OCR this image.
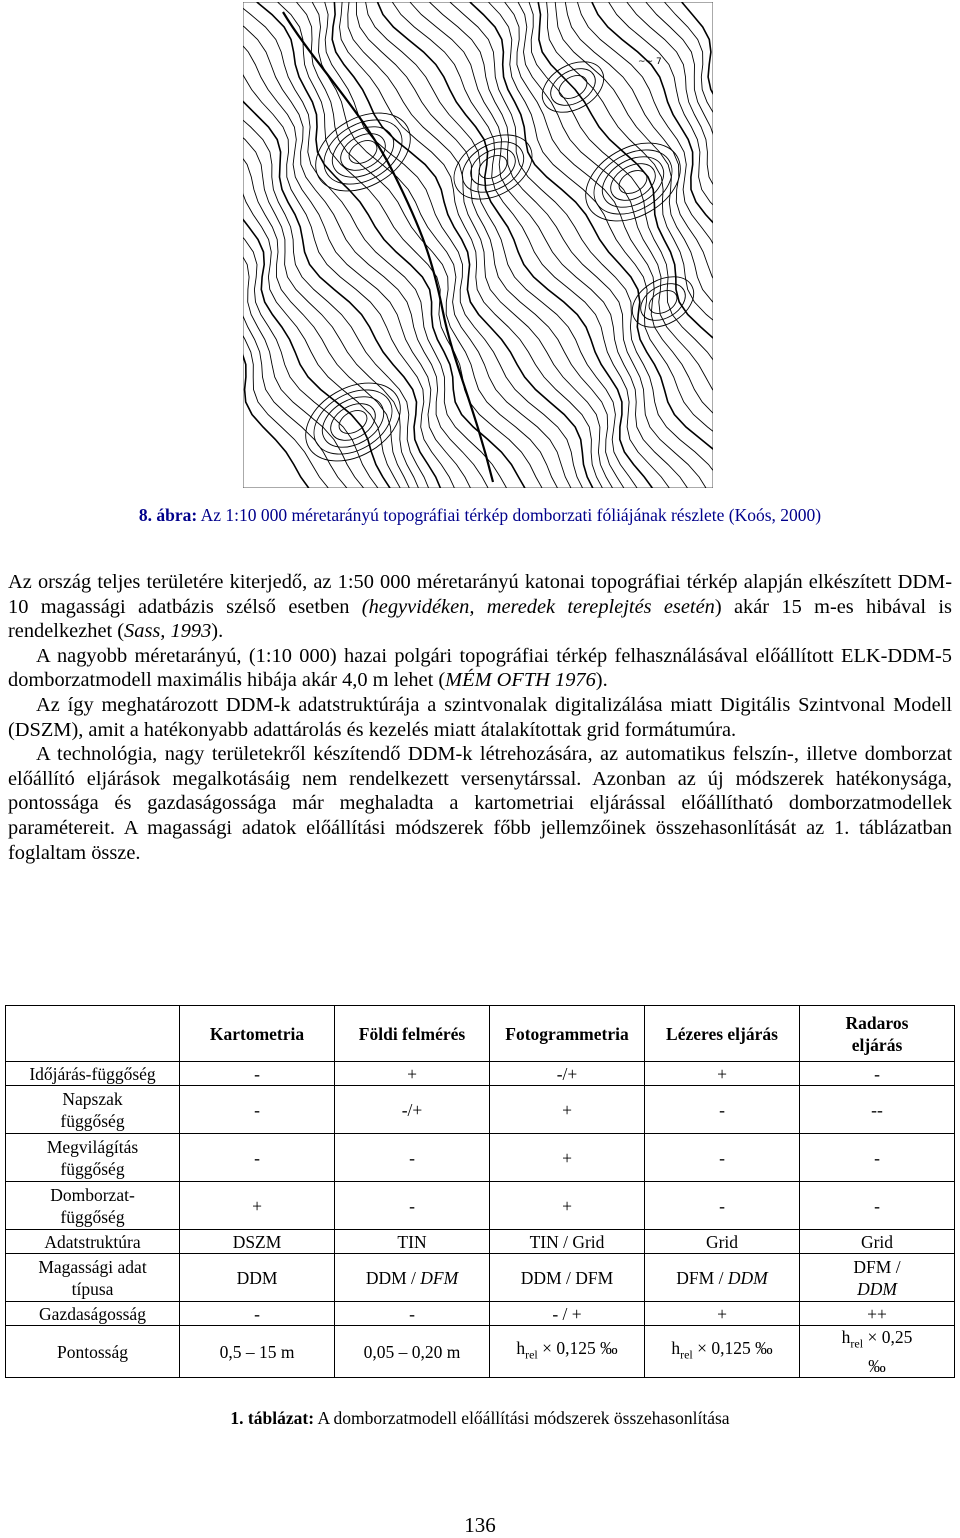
~~ 7
8. ábra: Az 1:10 000 méretarányú topográfiai térkép domborzati fóliájának részlete (Koós, 2000)

Az ország teljes területére kiterjedő, az 1:50 000 méretarányú katonai topográfiai térkép alapján elkészített DDM-10 magassági adatbázis szélső esetben (hegyvidéken, meredek tereplejtés esetén) akár 15 m-es hibával is rendelkezhet (Sass, 1993).

A nagyobb méretarányú, (1:10 000) hazai polgári topográfiai térkép felhasználásával előállított ELK-DDM-5 domborzatmodell maximális hibája akár 4,0 m lehet (MÉM OFTH 1976).

Az így meghatározott DDM-k adatstruktúrája a szintvonalak digitalizálása miatt Digitális Szintvonal Modell (DSZM), amit a hatékonyabb adattárolás és kezelés miatt átalakítottak grid formátumúra.

A technológia, nagy területekről készítendő DDM-k létrehozására, az automatikus felszín-, illetve domborzat előállító eljárások megalkotásáig nem rendelkezett versenytárssal. Azonban az új módszerek hatékonysága, pontossága és gazdaságossága már meghaladta a kartometriai eljárással előállítható domborzatmodellek paramétereit. A magassági adatok előállítási módszerek főbb jellemzőinek összehasonlítását az 1. táblázatban foglaltam össze.

	Kartometria	Földi felmérés	Fotogrammetria	Lézeres eljárás	Radaros
eljárás
Időjárás-függőség	-	+	-/+	+	-
Napszak
függőség	-	-/+	+	-	--
Megvilágítás
függőség	-	-	+	-	-
Domborzat-
függőség	+	-	+	-	-
Adatstruktúra	DSZM	TIN	TIN / Grid	Grid	Grid
Magassági adat
típusa	DDM	DDM / DFM	DDM / DFM	DFM / DDM	DFM /
DDM
Gazdaságosság	-	-	- / +	+	++
Pontosság	0,5 – 15 m	0,05 – 0,20 m	$h_{rel} \times 0,125$ ‰	$h_{rel} \times 0,125$ ‰	$h_{rel} \times 0,25$
‰
1. táblázat: A domborzatmodell előállítási módszerek összehasonlítása
136
